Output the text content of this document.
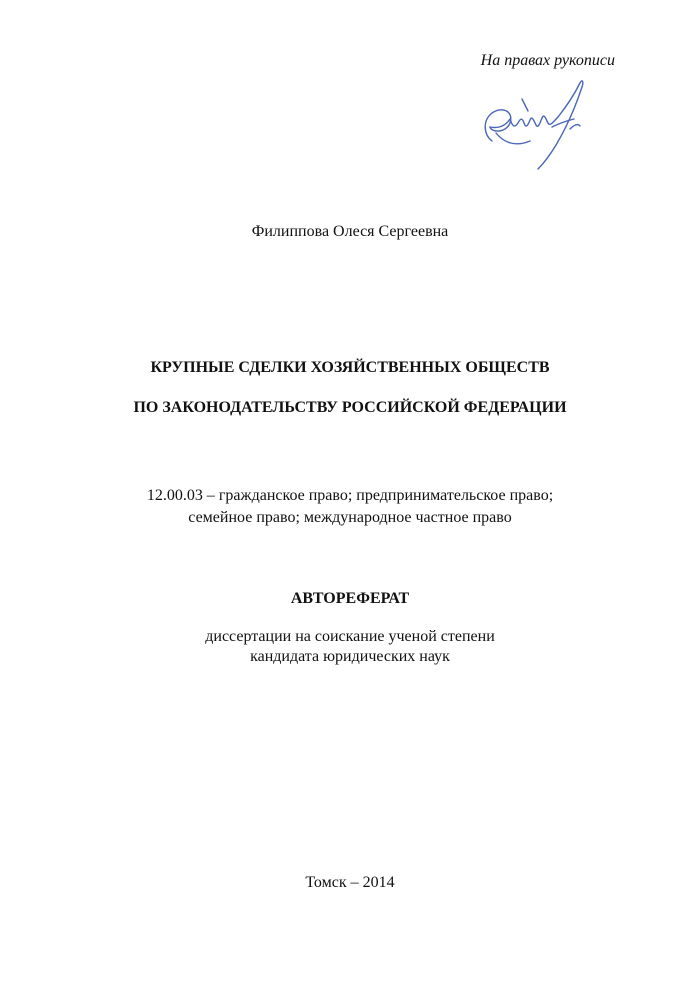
На правах рукописи
Филиппова Олеся Сергеевна
КРУПНЫЕ СДЕЛКИ ХОЗЯЙСТВЕННЫХ ОБЩЕСТВ
ПО ЗАКОНОДАТЕЛЬСТВУ РОССИЙСКОЙ ФЕДЕРАЦИИ
12.00.03 – гражданское право; предпринимательское право;
семейное право; международное частное право
АВТОРЕФЕРАТ
диссертации на соискание ученой степени
кандидата юридических наук
Томск – 2014
